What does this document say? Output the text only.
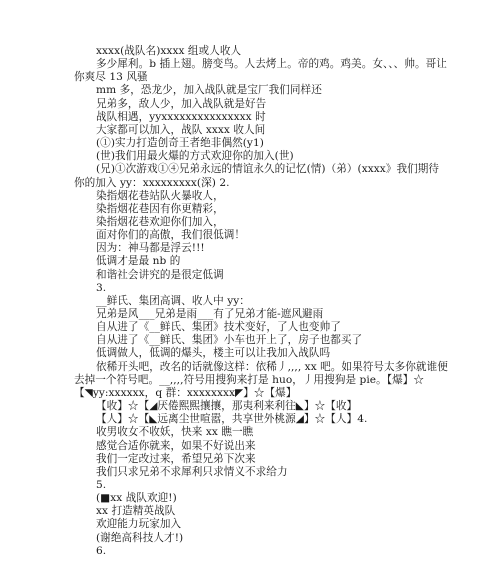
xxxx(战队名)xxxx 组或人收人
多少犀利。b 插上翅。膀变鸟。人去烤上。帝的鸡。鸡美。女、、、帅。哥让
你爽尽 13 风骚
mm 多，恐龙少，加入战队就是宝厂我们同样还
兄弟多，敌人少，加入战队就是好告
战队相遇，yyxxxxxxxxxxxxxxx 时
大家都可以加入，战队 xxxx 收人间
(①)实力打造创奇王者绝非偶然(y1)
(世)我们用最火爆的方式欢迎你的加入(世)
(兄)①次游戏①④兄弟永远的情谊永久的记忆(情)（弟）(xxxx》我们期待
你的加入 yy：xxxxxxxxx(深) 2.
染指烟花巷站队火暴收人，
染指烟花巷因有你更精彩，
染指烟花巷欢迎你们加入，
面对你们的高傲，我们很低调！
因为：神马都是浮云!!!
低调才是最 nb 的
和谐社会讲究的是很定低调
3.
__鲜氏、集团高调、收人中 yy：
兄弟是风___兄弟是雨___有了兄弟才能-遮风避雨
自从进了《__鲜氏、集团》技术变好，了人也变帅了
自从进了《__鲜氏、集团》小车也开上了，房子也都买了
低调做人，低调的爆头，楼主可以让我加入战队吗
依稀开头吧，改名的话就像这样：依稀丿,,,, xx 吧。如果符号太多你就谁便
去掉一个符号吧。__,,,,符号用搜狗来打是 huo，丿用搜狗是 pie。【爆】☆
【◥yy:xxxxxx，q 群：xxxxxxxx◤】☆【爆】
【收】☆【◢厌倦熙熙攘攘，那夷利来利往◣】☆【收】
【人】☆【◣远离尘世喧嚣，共享世外桃源◢】☆【人】4.
收男收女不收妖，快来 xx 瞧一瞧
感觉合适你就来，如果不好说出来
我们一定改过来，希望兄弟下次来
我们只求兄弟不求犀利只求情义不求给力
5.
(■xx 战队欢迎!)
xx 打造精英战队
欢迎能力玩家加入
(谢绝高科技人才!)
6.
